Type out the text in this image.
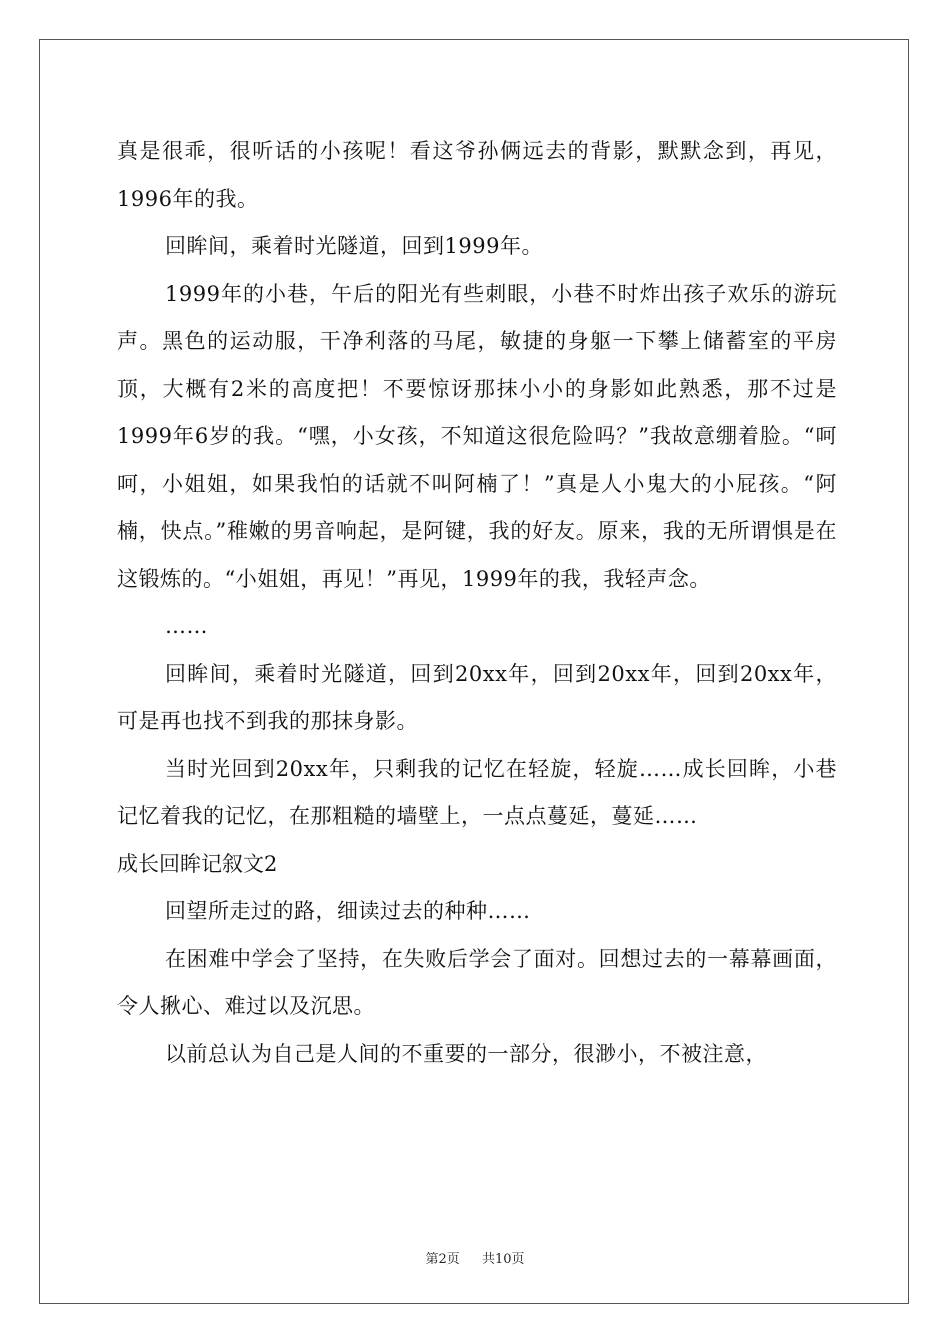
真是很乖，很听话的小孩呢！看这爷孙俩远去的背影，默默念到，再见，1996年的我。

回眸间，乘着时光隧道，回到1999年。

1999年的小巷，午后的阳光有些刺眼，小巷不时炸出孩子欢乐的游玩声。黑色的运动服，干净利落的马尾，敏捷的身躯一下攀上储蓄室的平房顶，大概有2米的高度把！不要惊讶那抹小小的身影如此熟悉，那不过是1999年6岁的我。“嘿，小女孩，不知道这很危险吗？”我故意绷着脸。“呵呵，小姐姐，如果我怕的话就不叫阿楠了！”真是人小鬼大的小屁孩。“阿楠，快点。”稚嫩的男音响起，是阿键，我的好友。原来，我的无所谓惧是在这锻炼的。“小姐姐，再见！”再见，1999年的我，我轻声念。

……

回眸间，乘着时光隧道，回到20xx年，回到20xx年，回到20xx年，可是再也找不到我的那抹身影。

当时光回到20xx年，只剩我的记忆在轻旋，轻旋……成长回眸，小巷记忆着我的记忆，在那粗糙的墙壁上，一点点蔓延，蔓延……

成长回眸记叙文2

回望所走过的路，细读过去的种种……

在困难中学会了坚持，在失败后学会了面对。回想过去的一幕幕画面，令人揪心、难过以及沉思。

以前总认为自己是人间的不重要的一部分，很渺小，不被注意，

第2页 共10页
